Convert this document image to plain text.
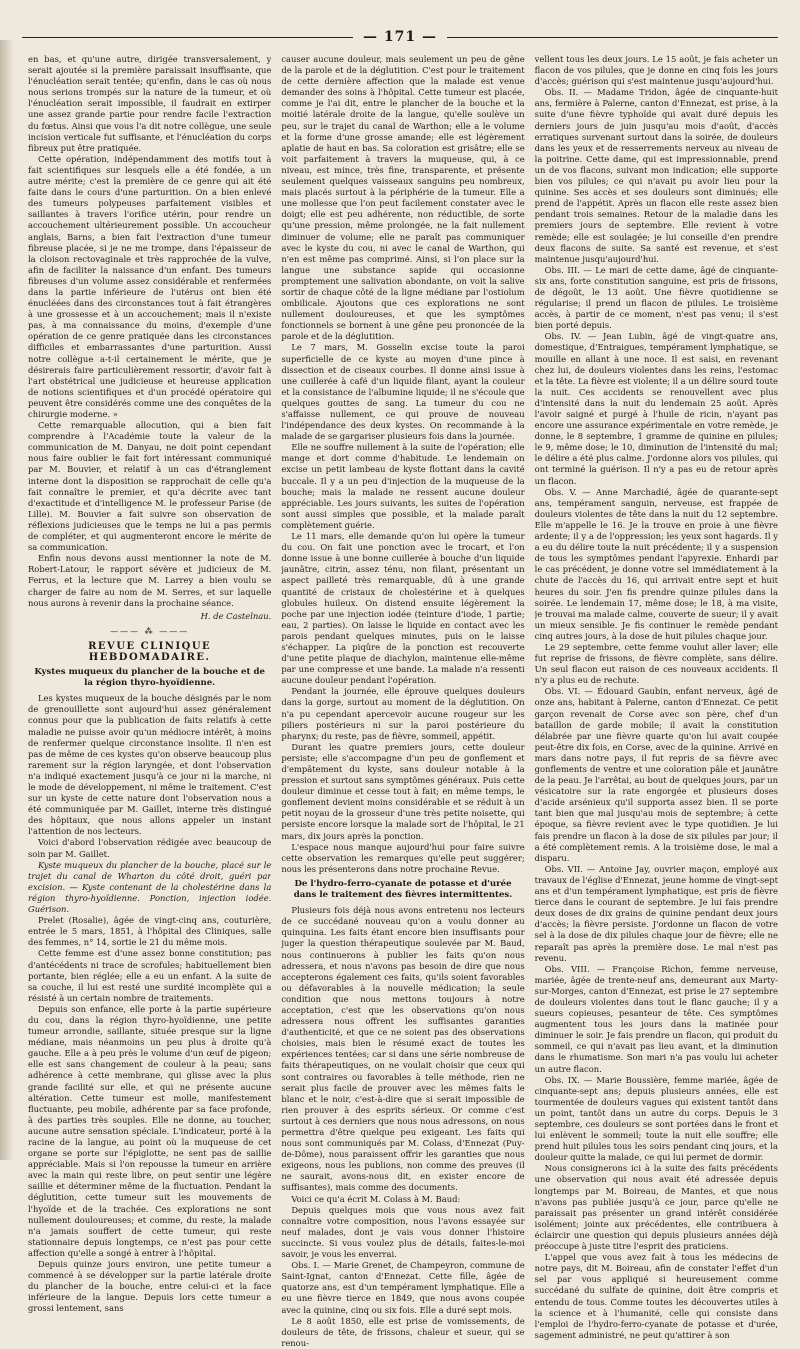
— 171 —

en bas, et qu'une autre, dirigée transversalement, y serait ajoutée si la première paraissait insuffisante, que l'énucléation serait tentée; qu'enfin, dans le cas où nous nous serions trompés sur la nature de la tumeur, et où l'énucléation serait impossible, il faudrait en extirper une assez grande partie pour rendre facile l'extraction du fœtus. Ainsi que vous l'a dit notre collègue, une seule incision verticale fut suffisante, et l'énucléation du corps fibreux put être pratiquée.

Cette opération, indépendamment des motifs tout à fait scientifiques sur lesquels elle a été fondée, a un autre mérite; c'est la première de ce genre qui ait été faite dans le cours d'une parturition. On a bien enlevé des tumeurs polypeuses parfaitement visibles et saillantes à travers l'orifice utérin, pour rendre un accouchement ultérieurement possible. Un accoucheur anglais, Barns, a bien fait l'extraction d'une tumeur fibreuse placée, si je ne me trompe, dans l'épaisseur de la cloison rectovaginale et très rapprochée de la vulve, afin de faciliter la naissance d'un enfant. Des tumeurs fibreuses d'un volume assez considérable et renfermées dans la partie inférieure de l'utérus ont bien été énucléées dans des circonstances tout à fait étrangères à une grossesse et à un accouchement; mais il n'existe pas, à ma connaissance du moins, d'exemple d'une opération de ce genre pratiquée dans les circonstances difficiles et embarrassantes d'une parturition. Aussi notre collègue a-t-il certainement le mérite, que je désirerais faire particulièrement ressortir, d'avoir fait à l'art obstétrical une judicieuse et heureuse application de notions scientifiques et d'un procédé opératoire qui peuvent être considérés comme une des conquêtes de la chirurgie moderne. »

Cette remarquable allocution, qui a bien fait comprendre à l'Académie toute la valeur de la communication de M. Danyau, ne doit point cependant nous faire oublier le fait fort intéressant communiqué par M. Bouvier, et relatif à un cas d'étranglement interne dont la disposition se rapprochait de celle qu'a fait connaître le premier, et qu'a décrite avec tant d'exactitude et d'intelligence M. le professeur Parise (de Lille). M. Bouvier a fait suivre son observation de réflexions judicieuses que le temps ne lui a pas permis de compléter, et qui augmenteront encore le mérite de sa communication.

Enfin nous devons aussi mentionner la note de M. Robert-Latour, le rapport sévère et judicieux de M. Ferrus, et la lecture que M. Larrey a bien voulu se charger de faire au nom de M. Serres, et sur laquelle nous aurons à revenir dans la prochaine séance.

H. de Castelnau.
——— ⁂ ———
REVUE CLINIQUE HEBDOMADAIRE.
Kystes muqueux du plancher de la bouche et de la région thyro-hyoïdienne.

Les kystes muqueux de la bouche désignés par le nom de grenouillette sont aujourd'hui assez généralement connus pour que la publication de faits relatifs à cette maladie ne puisse avoir qu'un médiocre intérêt, à moins de renfermer quelque circonstance insolite. Il n'en est pas de même de ces kystes qu'on observe beaucoup plus rarement sur la région laryngée, et dont l'observation n'a indiqué exactement jusqu'à ce jour ni la marche, ni le mode de développement, ni même le traitement. C'est sur un kyste de cette nature dont l'observation nous a été communiquée par M. Gaillet, interne très distingué des hôpitaux, que nous allons appeler un instant l'attention de nos lecteurs.

Voici d'abord l'observation rédigée avec beaucoup de soin par M. Gaillet.

Kyste muqueux du plancher de la bouche, placé sur le trajet du canal de Wharton du côté droit, guéri par excision. — Kyste contenant de la cholestérine dans la région thyro-hyoïdienne. Ponction, injection iodée. Guérison.

Prelet (Rosalie), âgée de vingt-cinq ans, couturière, entrée le 5 mars, 1851, à l'hôpital des Cliniques, salle des femmes, n° 14, sortie le 21 du même mois.

Cette femme est d'une assez bonne constitution; pas d'antécédents ni trace de scrofules; habituellement bien portante, bien réglée; elle a eu un enfant. A la suite de sa couche, il lui est resté une surdité incomplète qui a résisté à un certain nombre de traitements.

Depuis son enfance, elle porte à la partie supérieure du cou, dans la région thyro-hyoïdienne, une petite tumeur arrondie, saillante, située presque sur la ligne médiane, mais néanmoins un peu plus à droite qu'à gauche. Elle a à peu près le volume d'un œuf de pigeon; elle est sans changement de couleur à la peau; sans adhérence à cette membrane, qui glisse avec la plus grande facilité sur elle, et qui ne présente aucune altération. Cette tumeur est molle, manifestement fluctuante, peu mobile, adhérente par sa face profonde, à des parties très souples. Elle ne donne, au toucher, aucune autre sensation spéciale. L'indicateur, porté à la racine de la langue, au point où la muqueuse de cet organe se porte sur l'épiglotte, ne sent pas de saillie appréciable. Mais si l'on repousse la tumeur en arrière avec la main qui reste libre, on peut sentir une légère saillie et déterminer même de la fluctuation. Pendant la déglutition, cette tumeur suit les mouvements de l'hyoïde et de la trachée. Ces explorations ne sont nullement douloureuses; et comme, du reste, la malade n'a jamais souffert de cette tumeur, qui reste stationnaire depuis longtemps, ce n'est pas pour cette affection qu'elle a songé à entrer à l'hôpital.

Depuis quinze jours environ, une petite tumeur a commencé à se développer sur la partie latérale droite du plancher de la bouche, entre celui-ci et la face inférieure de la langue. Depuis lors cette tumeur a grossi lentement, sans

causer aucune douleur, mais seulement un peu de gêne de la parole et de la déglutition. C'est pour le traitement de cette dernière affection que la malade est venue demander des soins à l'hôpital. Cette tumeur est placée, comme je l'ai dit, entre le plancher de la bouche et la moitié latérale droite de la langue, qu'elle soulève un peu, sur le trajet du canal de Warthon; elle a le volume et la forme d'une grosse amande; elle est légèrement aplatie de haut en bas. Sa coloration est grisâtre; elle se voit parfaitement à travers la muqueuse, qui, à ce niveau, est mince, très fine, transparente, et présente seulement quelques vaisseaux sanguins peu nombreux, mais placés surtout à la périphérie de la tumeur. Elle a une mollesse que l'on peut facilement constater avec le doigt; elle est peu adhérente, non réductible, de sorte qu'une pression, même prolongée, ne la fait nullement diminuer de volume; elle ne paraît pas communiquer avec le kyste du cou, ni avec le canal de Warthon, qui n'en est même pas comprimé. Ainsi, si l'on place sur la langue une substance sapide qui occasionne promptement une salivation abondante, on voit la salive sortir de chaque côté de la ligne médiane par l'ostiolum ombilicale. Ajoutons que ces explorations ne sont nullement douloureuses, et que les symptômes fonctionnels se bornent à une gêne peu prononcée de la parole et de la déglutition.

Le 7 mars, M. Gosselin excise toute la paroi superficielle de ce kyste au moyen d'une pince à dissection et de ciseaux courbes. Il donne ainsi issue à une cuillerée à café d'un liquide filant, ayant la couleur et la consistance de l'albumine liquide; il ne s'écoule que quelques gouttes de sang. La tumeur du cou ne s'affaisse nullement, ce qui prouve de nouveau l'indépendance des deux kystes. On recommande à la malade de se gargariser plusieurs fois dans la journée.

Elle ne souffre nullement à la suite de l'opération; elle mange et dort comme d'habitude. Le lendemain on excise un petit lambeau de kyste flottant dans la cavité buccale. Il y a un peu d'injection de la muqueuse de la bouche; mais la malade ne ressent aucune douleur appréciable. Les jours suivants, les suites de l'opération sont aussi simples que possible, et la malade paraît complètement guérie.

Le 11 mars, elle demande qu'on lui opère la tumeur du cou. On fait une ponction avec le trocart, et l'on donne issue à une bonne cuillerée à bouche d'un liquide jaunâtre, citrin, assez ténu, non filant, présentant un aspect pailleté très remarquable, dû à une grande quantité de cristaux de cholestérine et à quelques globules huileux. On distend ensuite légèrement la poche par une injection iodée (teinture d'iode, 1 partie; eau, 2 parties). On laisse le liquide en contact avec les parois pendant quelques minutes, puis on le laisse s'échapper. La piqûre de la ponction est recouverte d'une petite plaque de diachylon, maintenue elle-même par une compresse et une bande. La malade n'a ressenti aucune douleur pendant l'opération.

Pendant la journée, elle éprouve quelques douleurs dans la gorge, surtout au moment de la déglutition. On n'a pu cependant apercevoir aucune rougeur sur les piliers postérieurs ni sur la paroi postérieure du pharynx; du reste, pas de fièvre, sommeil, appétit.

Durant les quatre premiers jours, cette douleur persiste; elle s'accompagne d'un peu de gonflement et d'empâtement du kyste, sans douleur notable à la pression et surtout sans symptômes généraux. Puis cette douleur diminue et cesse tout à fait; en même temps, le gonflement devient moins considérable et se réduit à un petit noyau de la grosseur d'une très petite noisette, qui persiste encore lorsque la malade sort de l'hôpital, le 21 mars, dix jours après la ponction.

L'espace nous manque aujourd'hui pour faire suivre cette observation les remarques qu'elle peut suggérer; nous les présenterons dans notre prochaine Revue.

De l'hydro-ferro-cyanate de potasse et d'urée dans le traitement des fièvres intermittentes.

Plusieurs fois déjà nous avons entretenu nos lecteurs de ce succédané nouveau qu'on a voulu donner au quinquina. Les faits étant encore bien insuffisants pour juger la question thérapeutique soulevée par M. Baud, nous continuerons à publier les faits qu'on nous adressera, et nous n'avons pas besoin de dire que nous accepterons également ces faits, qu'ils soient favorables ou défavorables à la nouvelle médication; la seule condition que nous mettons toujours à notre acceptation, c'est que les observations qu'on nous adressera nous offrent les suffisantes garanties d'authenticité, et que ce ne soient pas des observations choisies, mais bien le résumé exact de toutes les expériences tentées; car si dans une série nombreuse de faits thérapeutiques, on ne voulait choisir que ceux qui sont contraires ou favorables à telle méthode, rien ne serait plus facile de prouver avec les mêmes faits le blanc et le noir, c'est-à-dire que si serait impossible de rien prouver à des esprits sérieux. Or comme c'est surtout à ces derniers que nous nous adressons, on nous permettra d'être quelque peu exigeant. Les faits qui nous sont communiqués par M. Colass, d'Ennezat (Puy-de-Dôme), nous paraissent offrir les garanties que nous exigeons, nous les publions, non comme des preuves (il ne saurait, avons-nous dit, en exister encore de suffisantes), mais comme des documents.

Voici ce qu'a écrit M. Colass à M. Baud:

Depuis quelques mois que vous nous avez fait connaître votre composition, nous l'avons essayée sur neuf malades, dont je vais vous donner l'histoire succincte. Si vous voulez plus de détails, faites-le-moi savoir, je vous les enverrai.

Obs. I. — Marie Grenet, de Champeyron, commune de Saint-Ignat, canton d'Ennezat. Cette fille, âgée de quatorze ans, est d'un tempérament lymphatique. Elle a eu une fièvre tierce en 1849, que nous avons coupée avec la quinine, cinq ou six fois. Elle a duré sept mois.

Le 8 août 1850, elle est prise de vomissements, de douleurs de tête, de frissons, chaleur et sueur, qui se renou-

vellent tous les deux jours. Le 15 août, je fais acheter un flacon de vos pilules, que je donne en cinq fois les jours d'accès; guérison qui s'est maintenue jusqu'aujourd'hui.

Obs. II. — Madame Tridon, âgée de cinquante-huit ans, fermière à Palerne, canton d'Ennezat, est prise, à la suite d'une fièvre typhoïde qui avait duré depuis les derniers jours de juin jusqu'au mois d'août, d'accès erratiques survenant surtout dans la soirée, de douleurs dans les yeux et de resserrements nerveux au niveau de la poitrine. Cette dame, qui est impressionnable, prend un de vos flacons, suivant mon indication; elle supporte bien vos pilules; ce qui n'avait pu avoir lieu pour la quinine. Ses accès et ses douleurs sont diminués; elle prend de l'appétit. Après un flacon elle reste assez bien pendant trois semaines. Retour de la maladie dans les premiers jours de septembre. Elle revient à votre remède; elle est soulagée; je lui conseille d'en prendre deux flacons de suite. Sa santé est revenue, et s'est maintenue jusqu'aujourd'hui.

Obs. III. — Le mari de cette dame, âgé de cinquante-six ans, forte constitution sanguine, est pris de frissons, de dégoût, le 13 août. Une fièvre quotidienne se régularise; il prend un flacon de pilules. Le troisième accès, à partir de ce moment, n'est pas venu; il s'est bien porté depuis.

Obs. IV. — Jean Lubin, âgé de vingt-quatre ans, domestique, d'Entraigues, tempérament lymphatique, se mouille en allant à une noce. Il est saisi, en revenant chez lui, de douleurs violentes dans les reins, l'estomac et la tête. La fièvre est violente; il a un délire sourd toute la nuit. Ces accidents se renouvellent avec plus d'intensité dans la nuit du lendemain 25 août. Après l'avoir saigné et purgé à l'huile de ricin, n'ayant pas encore une assurance expérimentale en votre remède, je donne, le 8 septembre, 1 gramme de quinine en pilules; le 9, même dose; le 10, diminution de l'intensité du mal; le délire a été plus calme. J'ordonne alors vos pilules, qui ont terminé la guérison. Il n'y a pas eu de retour après un flacon.

Obs. V. — Anne Marchadié, âgée de quarante-sept ans, tempérament sanguin, nerveuse, est frappée de douleurs violentes de tête dans la nuit du 12 septembre. Elle m'appelle le 16. Je la trouve en proie à une fièvre ardente; il y a de l'oppression; les yeux sont hagards. Il y a eu du délire toute la nuit précédente; il y a suspension de tous les symptômes pendant l'apyrexie. Enhardi par le cas précédent, je donne votre sel immédiatement à la chute de l'accès du 16, qui arrivait entre sept et huit heures du soir. J'en fis prendre quinze pilules dans la soirée. Le lendemain 17, même dose; le 18, à ma visite, je trouvai ma malade calme, couverte de sueur; il y avait un mieux sensible. Je fis continuer le remède pendant cinq autres jours, à la dose de huit pilules chaque jour.

Le 29 septembre, cette femme voulut aller laver; elle fut reprise de frissons, de fièvre complète, sans délire. Un seul flacon eut raison de ces nouveaux accidents. Il n'y a plus eu de rechute.

Obs. VI. — Édouard Gaubin, enfant nerveux, âgé de onze ans, habitant à Palerne, canton d'Ennezat. Ce petit garçon revenait de Corse avec son père, chef d'un bataillon de garde mobile; il avait la constitution délabrée par une fièvre quarte qu'on lui avait coupée peut-être dix fois, en Corse, avec de la quinine. Arrivé en mars dans notre pays, il fut repris de sa fièvre avec gonflements de ventre et une coloration pâle et jaunâtre de la peau. Je l'arrêtai, au bout de quelques jours, par un vésicatoire sur la rate engorgée et plusieurs doses d'acide arsénieux qu'il supporta assez bien. Il se porte tant bien que mal jusqu'au mois de septembre; à cette époque, sa fièvre revient avec le type quotidien. Je lui fais prendre un flacon à la dose de six pilules par jour; il a été complètement remis. A la troisième dose, le mal a disparu.

Obs. VII. — Antoine Jay, ouvrier maçon, employé aux travaux de l'église d'Ennezat, jeune homme de vingt-sept ans et d'un tempérament lymphatique, est pris de fièvre tierce dans le courant de septembre. Je lui fais prendre deux doses de dix grains de quinine pendant deux jours d'accès; la fièvre persiste. J'ordonne un flacon de votre sel à la dose de dix pilules chaque jour de fièvre; elle ne reparaît pas après la première dose. Le mal n'est pas revenu.

Obs. VIII. — Françoise Richon, femme nerveuse, mariée, âgée de trente-neuf ans, demeurant aux Marty-sur-Morges, canton d'Ennezat, est prise le 27 septembre de douleurs violentes dans tout le flanc gauche; il y a sueurs copieuses, pesanteur de tête. Ces symptômes augmentent tous les jours dans la matinée pour diminuer le soir. Je fais prendre un flacon, qui produit du sommeil, ce qui n'avait pas lieu avant, et la diminution dans le rhumatisme. Son mari n'a pas voulu lui acheter un autre flacon.

Obs. IX. — Marie Boussière, femme mariée, âgée de cinquante-sept ans; depuis plusieurs années, elle est tourmentée de douleurs vagues qui existent tantôt dans un point, tantôt dans un autre du corps. Depuis le 3 septembre, ces douleurs se sont portées dans le front et lui enlèvent le sommeil; toute la nuit elle souffre; elle prend huit pilules tous les soirs pendant cinq jours, et la douleur quitte la malade, ce qui lui permet de dormir.

Nous consignerons ici à la suite des faits précédents une observation qui nous avait été adressée depuis longtemps par M. Boireau, de Mantes, et que nous n'avons pas publiée jusqu'à ce jour, parce qu'elle ne paraissait pas présenter un grand intérêt considérée isolément; jointe aux précédentes, elle contribuera à éclaircir une question qui depuis plusieurs années déjà préoccupe à juste titre l'esprit des praticiens.

L'appel que vous avez fait à tous les médecins de notre pays, dit M. Boireau, afin de constater l'effet d'un sel par vous appliqué si heureusement comme succédané du sulfate de quinine, doit être compris et entendu de tous. Comme toutes les découvertes utiles à la science et à l'humanité, celle qui consiste dans l'emploi de l'hydro-ferro-cyanate de potasse et d'urée, sagement administré, ne peut qu'attirer à son
